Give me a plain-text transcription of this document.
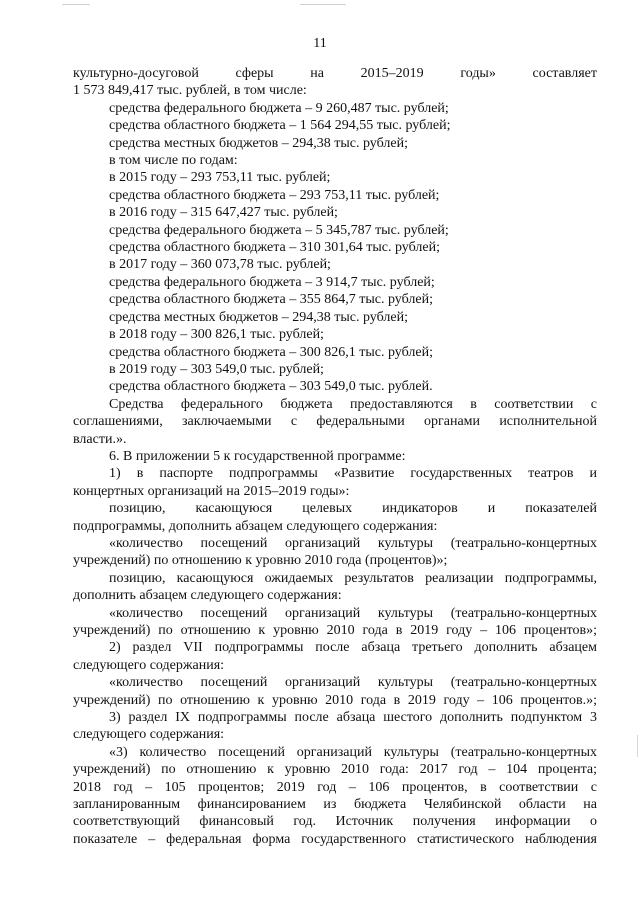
11

культурно-досуговой сферы на 2015–2019 годы» составляет

1 573 849,417 тыс. рублей, в том числе:

средства федерального бюджета – 9 260,487 тыс. рублей;

средства областного бюджета – 1 564 294,55 тыс. рублей;

средства местных бюджетов – 294,38 тыс. рублей;

в том числе по годам:

в 2015 году – 293 753,11 тыс. рублей;

средства областного бюджета – 293 753,11 тыс. рублей;

в 2016 году – 315 647,427 тыс. рублей;

средства федерального бюджета – 5 345,787 тыс. рублей;

средства областного бюджета – 310 301,64 тыс. рублей;

в 2017 году – 360 073,78 тыс. рублей;

средства федерального бюджета – 3 914,7 тыс. рублей;

средства областного бюджета – 355 864,7 тыс. рублей;

средства местных бюджетов – 294,38 тыс. рублей;

в 2018 году – 300 826,1 тыс. рублей;

средства областного бюджета – 300 826,1 тыс. рублей;

в 2019 году – 303 549,0 тыс. рублей;

средства областного бюджета – 303 549,0 тыс. рублей.

Средства федерального бюджета предоставляются в соответствии с

соглашениями, заключаемыми с федеральными органами исполнительной

власти.».

6. В приложении 5 к государственной программе:

1) в паспорте подпрограммы «Развитие государственных театров и

концертных организаций на 2015–2019 годы»:

позицию, касающуюся целевых индикаторов и показателей

подпрограммы, дополнить абзацем следующего содержания:

«количество посещений организаций культуры (театрально-концертных

учреждений) по отношению к уровню 2010 года (процентов)»;

позицию, касающуюся ожидаемых результатов реализации подпрограммы,

дополнить абзацем следующего содержания:

«количество посещений организаций культуры (театрально-концертных

учреждений) по отношению к уровню 2010 года в 2019 году – 106 процентов»;

2) раздел VII подпрограммы после абзаца третьего дополнить абзацем

следующего содержания:

«количество посещений организаций культуры (театрально-концертных

учреждений) по отношению к уровню 2010 года в 2019 году – 106 процентов.»;

3) раздел IX подпрограммы после абзаца шестого дополнить подпунктом 3

следующего содержания:

«3) количество посещений организаций культуры (театрально-концертных

учреждений) по отношению к уровню 2010 года: 2017 год – 104 процента;

2018 год – 105 процентов; 2019 год – 106 процентов, в соответствии с

запланированным финансированием из бюджета Челябинской области на

соответствующий финансовый год. Источник получения информации о

показателе – федеральная форма государственного статистического наблюдения
